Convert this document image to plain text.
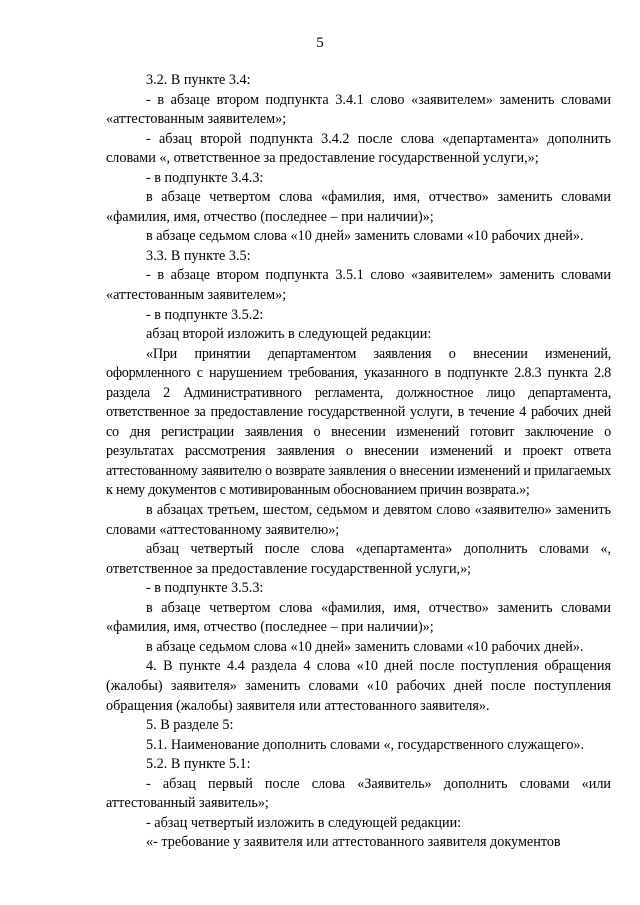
5

3.2. В пункте 3.4:

- в абзаце втором подпункта 3.4.1 слово «заявителем» заменить словами «аттестованным заявителем»;

- абзац второй подпункта 3.4.2 после слова «департамента» дополнить словами «, ответственное за предоставление государственной услуги,»;

- в подпункте 3.4.3:

в абзаце четвертом слова «фамилия, имя, отчество» заменить словами «фамилия, имя, отчество (последнее – при наличии)»;

в абзаце седьмом слова «10 дней» заменить словами «10 рабочих дней».

3.3. В пункте 3.5:

- в абзаце втором подпункта 3.5.1 слово «заявителем» заменить словами «аттестованным заявителем»;

- в подпункте 3.5.2:

абзац второй изложить в следующей редакции:

«При принятии департаментом заявления о внесении изменений, оформленного с нарушением требования, указанного в подпункте 2.8.3 пункта 2.8 раздела 2 Административного регламента, должностное лицо департамента, ответственное за предоставление государственной услуги, в течение 4 рабочих дней со дня регистрации заявления о внесении изменений готовит заключение о результатах рассмотрения заявления о внесении изменений и проект ответа аттестованному заявителю о возврате заявления о внесении изменений и прилагаемых к нему документов с мотивированным обоснованием причин возврата.»;

в абзацах третьем, шестом, седьмом и девятом слово «заявителю» заменить словами «аттестованному заявителю»;

абзац четвертый после слова «департамента» дополнить словами «, ответственное за предоставление государственной услуги,»;

- в подпункте 3.5.3:

в абзаце четвертом слова «фамилия, имя, отчество» заменить словами «фамилия, имя, отчество (последнее – при наличии)»;

в абзаце седьмом слова «10 дней» заменить словами «10 рабочих дней».

4. В пункте 4.4 раздела 4 слова «10 дней после поступления обращения (жалобы) заявителя» заменить словами «10 рабочих дней после поступления обращения (жалобы) заявителя или аттестованного заявителя».

5. В разделе 5:

5.1. Наименование дополнить словами «, государственного служащего».

5.2. В пункте 5.1:

- абзац первый после слова «Заявитель» дополнить словами «или аттестованный заявитель»;

- абзац четвертый изложить в следующей редакции:

«- требование у заявителя или аттестованного заявителя документов
